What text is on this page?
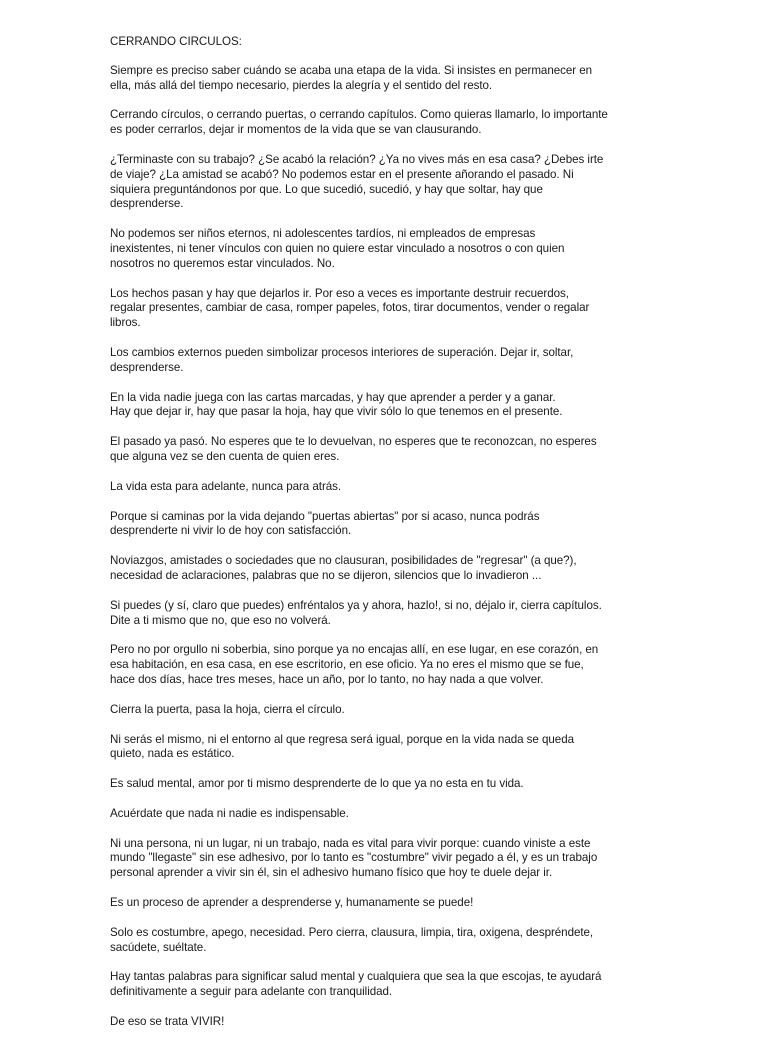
CERRANDO CIRCULOS:
Siempre es preciso saber cuándo se acaba una etapa de la vida. Si insistes en permanecer en
ella, más allá del tiempo necesario, pierdes la alegría y el sentido del resto.
Cerrando círculos, o cerrando puertas, o cerrando capítulos. Como quieras llamarlo, lo importante
es poder cerrarlos, dejar ir momentos de la vida que se van clausurando.
¿Terminaste con su trabajo? ¿Se acabó la relación? ¿Ya no vives más en esa casa? ¿Debes irte
de viaje? ¿La amistad se acabó? No podemos estar en el presente añorando el pasado. Ni
siquiera preguntándonos por que. Lo que sucedió, sucedió, y hay que soltar, hay que
desprenderse.
No podemos ser niños eternos, ni adolescentes tardíos, ni empleados de empresas
inexistentes, ni tener vínculos con quien no quiere estar vinculado a nosotros o con quien
nosotros no queremos estar vinculados. No.
Los hechos pasan y hay que dejarlos ir. Por eso a veces es importante destruir recuerdos,
regalar presentes, cambiar de casa, romper papeles, fotos, tirar documentos, vender o regalar
libros.
Los cambios externos pueden simbolizar procesos interiores de superación. Dejar ir, soltar,
desprenderse.
En la vida nadie juega con las cartas marcadas, y hay que aprender a perder y a ganar.
Hay que dejar ir, hay que pasar la hoja, hay que vivir sólo lo que tenemos en el presente.
El pasado ya pasó. No esperes que te lo devuelvan, no esperes que te reconozcan, no esperes
que alguna vez se den cuenta de quien eres.
La vida esta para adelante, nunca para atrás.
Porque si caminas por la vida dejando "puertas abiertas" por si acaso, nunca podrás
desprenderte ni vivir lo de hoy con satisfacción.
Noviazgos, amistades o sociedades que no clausuran, posibilidades de "regresar" (a que?),
necesidad de aclaraciones, palabras que no se dijeron, silencios que lo invadieron ...
Si puedes (y sí, claro que puedes) enfréntalos ya y ahora, hazlo!, si no, déjalo ir, cierra capítulos.
Dite a ti mismo que no, que eso no volverá.
Pero no por orgullo ni soberbia, sino porque ya no encajas allí, en ese lugar, en ese corazón, en
esa habitación, en esa casa, en ese escritorio, en ese oficio. Ya no eres el mismo que se fue,
hace dos días, hace tres meses, hace un año, por lo tanto, no hay nada a que volver.
Cierra la puerta, pasa la hoja, cierra el círculo.
Ni serás el mismo, ni el entorno al que regresa será igual, porque en la vida nada se queda
quieto, nada es estático.
Es salud mental, amor por ti mismo desprenderte de lo que ya no esta en tu vida.
Acuérdate que nada ni nadie es indispensable.
Ni una persona, ni un lugar, ni un trabajo, nada es vital para vivir porque: cuando viniste a este
mundo "llegaste" sin ese adhesivo, por lo tanto es "costumbre" vivir pegado a él, y es un trabajo
personal aprender a vivir sin él, sin el adhesivo humano físico que hoy te duele dejar ir.
Es un proceso de aprender a desprenderse y, humanamente se puede!
Solo es costumbre, apego, necesidad. Pero cierra, clausura, limpia, tira, oxigena, despréndete,
sacúdete, suéltate.
Hay tantas palabras para significar salud mental y cualquiera que sea la que escojas, te ayudará
definitivamente a seguir para adelante con tranquilidad.
De eso se trata VIVIR!
